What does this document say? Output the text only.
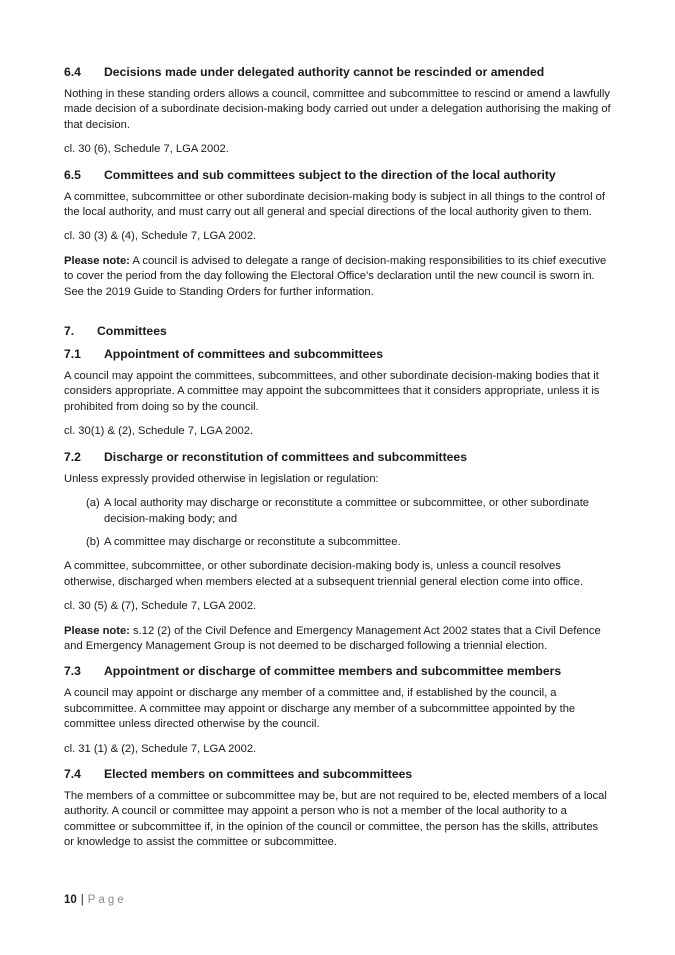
6.4	Decisions made under delegated authority cannot be rescinded or amended

Nothing in these standing orders allows a council, committee and subcommittee to rescind or amend a lawfully made decision of a subordinate decision-making body carried out under a delegation authorising the making of that decision.

cl. 30 (6), Schedule 7, LGA 2002.

6.5	Committees and sub committees subject to the direction of the local authority

A committee, subcommittee or other subordinate decision-making body is subject in all things to the control of the local authority, and must carry out all general and special directions of the local authority given to them.

cl. 30 (3) & (4), Schedule 7, LGA 2002.

Please note: A council is advised to delegate a range of decision-making responsibilities to its chief executive to cover the period from the day following the Electoral Office’s declaration until the new council is sworn in. See the 2019 Guide to Standing Orders for further information.

7.	Committees
7.1	Appointment of committees and subcommittees

A council may appoint the committees, subcommittees, and other subordinate decision-making bodies that it considers appropriate. A committee may appoint the subcommittees that it considers appropriate, unless it is prohibited from doing so by the council.

cl. 30(1) & (2), Schedule 7, LGA 2002.

7.2	Discharge or reconstitution of committees and subcommittees

Unless expressly provided otherwise in legislation or regulation:

(a) A local authority may discharge or reconstitute a committee or subcommittee, or other subordinate decision-making body; and
(b) A committee may discharge or reconstitute a subcommittee.

A committee, subcommittee, or other subordinate decision-making body is, unless a council resolves otherwise, discharged when members elected at a subsequent triennial general election come into office.

cl. 30 (5) & (7), Schedule 7, LGA 2002.

Please note: s.12 (2) of the Civil Defence and Emergency Management Act 2002 states that a Civil Defence and Emergency Management Group is not deemed to be discharged following a triennial election.

7.3	Appointment or discharge of committee members and subcommittee members

A council may appoint or discharge any member of a committee and, if established by the council, a subcommittee. A committee may appoint or discharge any member of a subcommittee appointed by the committee unless directed otherwise by the council.

cl. 31 (1) & (2), Schedule 7, LGA 2002.

7.4	Elected members on committees and subcommittees

The members of a committee or subcommittee may be, but are not required to be, elected members of a local authority. A council or committee may appoint a person who is not a member of the local authority to a committee or subcommittee if, in the opinion of the council or committee, the person has the skills, attributes or knowledge to assist the committee or subcommittee.

10 | Page
